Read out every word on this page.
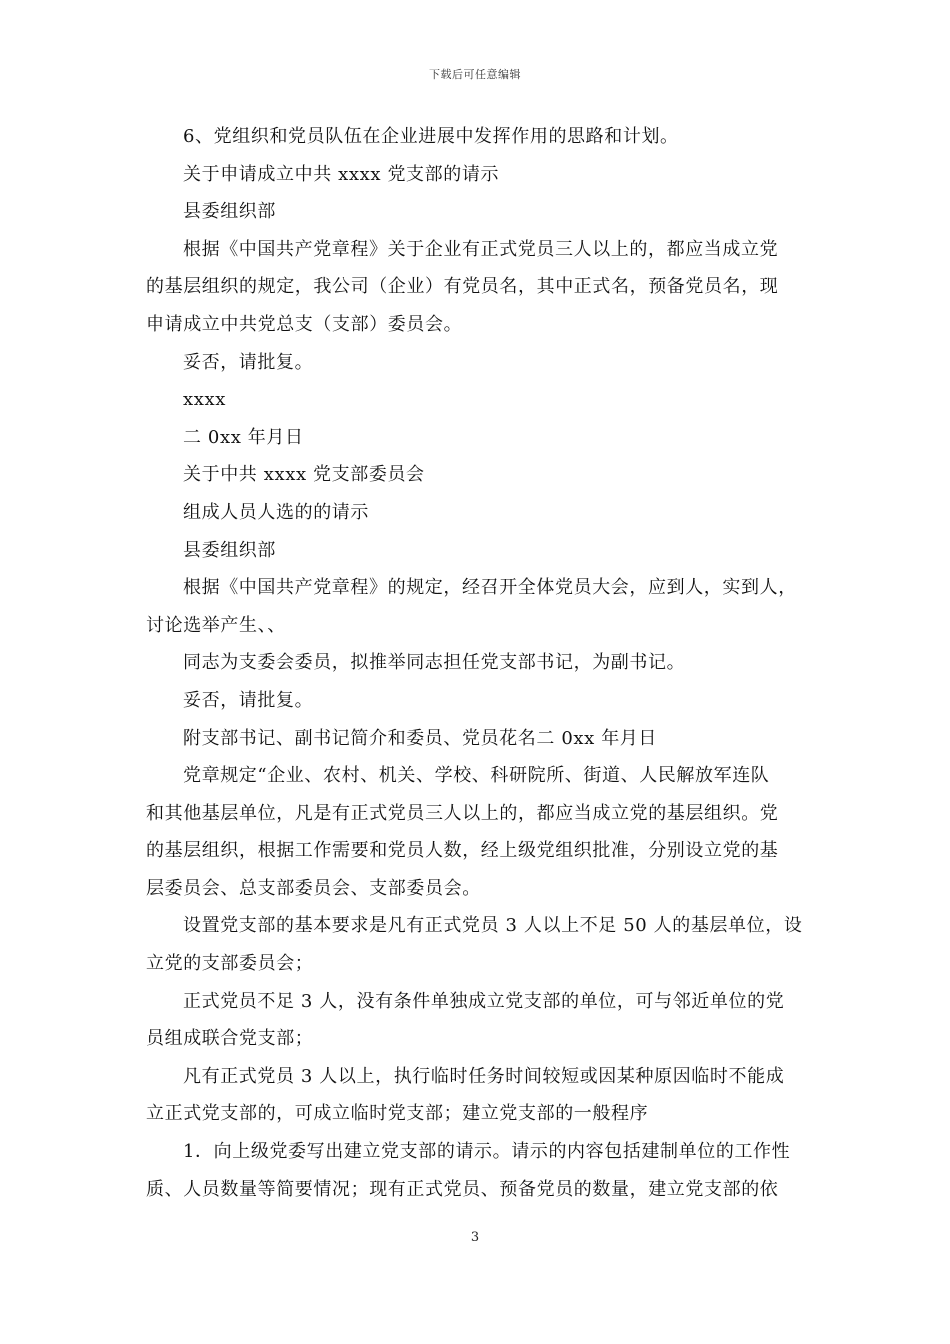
下载后可任意编辑
6、党组织和党员队伍在企业进展中发挥作用的思路和计划。
关于申请成立中共 xxxx 党支部的请示
县委组织部
根据《中国共产党章程》关于企业有正式党员三人以上的，都应当成立党
的基层组织的规定，我公司（企业）有党员名，其中正式名，预备党员名，现
申请成立中共党总支（支部）委员会。
妥否，请批复。
xxxx
二 0xx 年月日
关于中共 xxxx 党支部委员会
组成人员人选的的请示
县委组织部
根据《中国共产党章程》的规定，经召开全体党员大会，应到人，实到人，
讨论选举产生、、
同志为支委会委员，拟推举同志担任党支部书记，为副书记。
妥否，请批复。
附支部书记、副书记简介和委员、党员花名二 0xx 年月日
党章规定“企业、农村、机关、学校、科研院所、街道、人民解放军连队
和其他基层单位，凡是有正式党员三人以上的，都应当成立党的基层组织。党
的基层组织，根据工作需要和党员人数，经上级党组织批准，分别设立党的基
层委员会、总支部委员会、支部委员会。
设置党支部的基本要求是凡有正式党员 3 人以上不足 50 人的基层单位，设
立党的支部委员会；
正式党员不足 3 人，没有条件单独成立党支部的单位，可与邻近单位的党
员组成联合党支部；
凡有正式党员 3 人以上，执行临时任务时间较短或因某种原因临时不能成
立正式党支部的，可成立临时党支部；建立党支部的一般程序
1．向上级党委写出建立党支部的请示。请示的内容包括建制单位的工作性
质、人员数量等简要情况；现有正式党员、预备党员的数量，建立党支部的依
3
